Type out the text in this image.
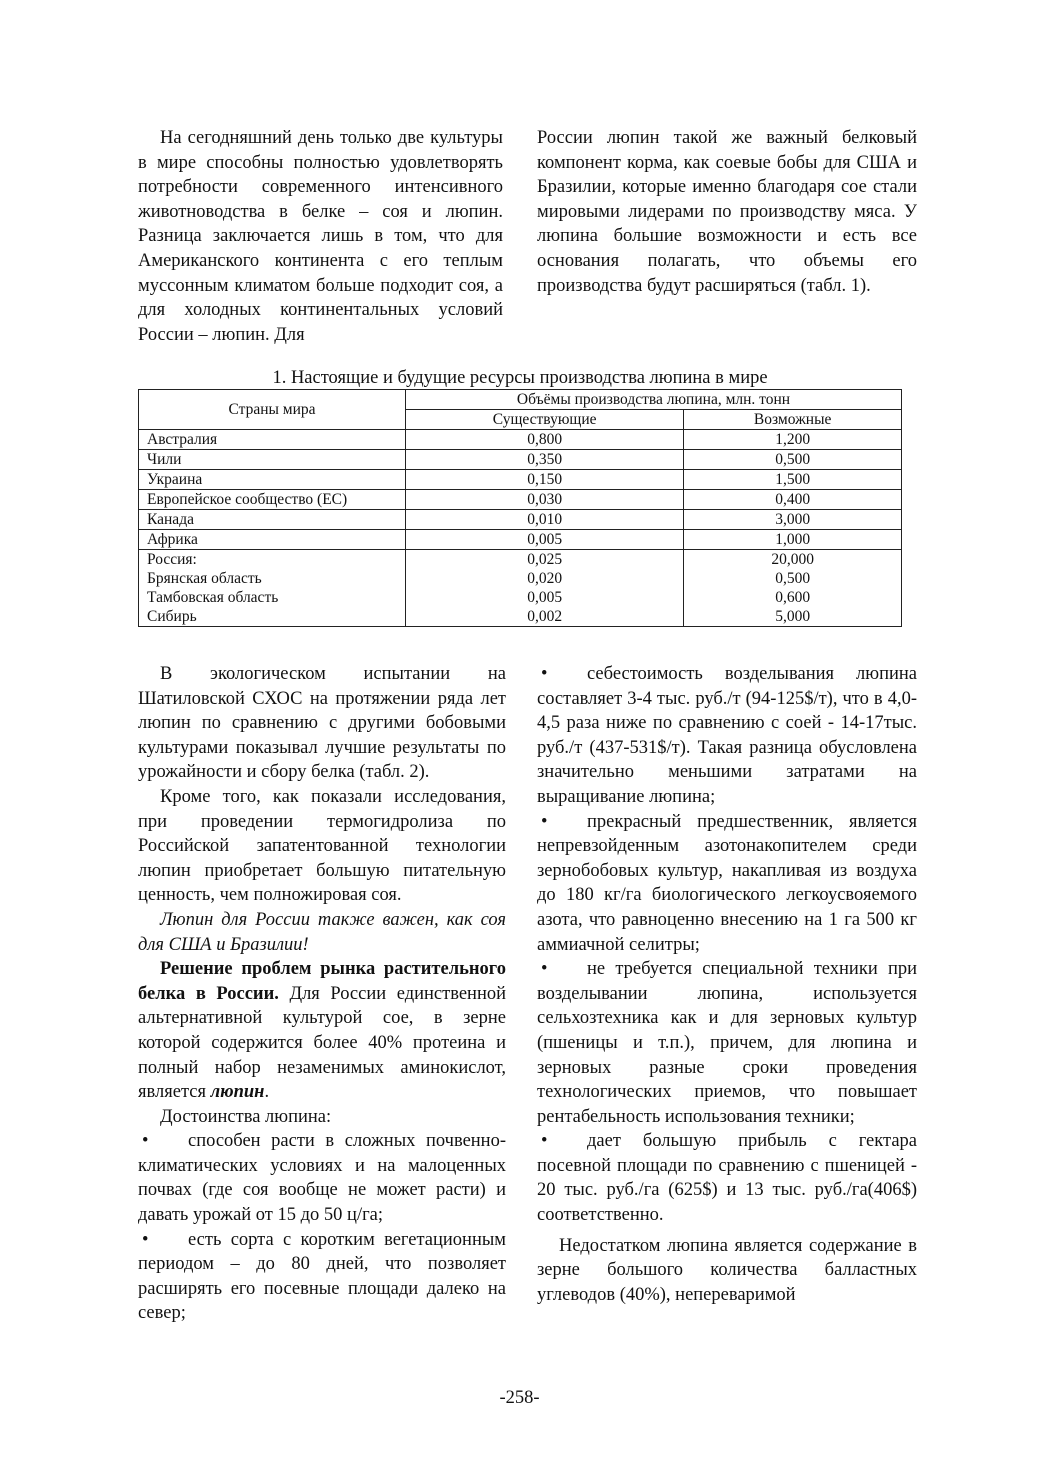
На сегодняшний день только две культуры в мире способны полностью удовлетворять потребности современного интенсивного животноводства в белке – соя и люпин. Разница заключается лишь в том, что для Американского континента с его теплым муссонным климатом больше подходит соя, а для холодных континентальных условий России – люпин. Для

России люпин такой же важный белковый компонент корма, как соевые бобы для США и Бразилии, которые именно благодаря сое стали мировыми лидерами по производству мяса. У люпина большие возможности и есть все основания полагать, что объемы его производства будут расширяться (табл. 1).

1. Настоящие и будущие ресурсы производства люпина в мире
Страны мира	Объёмы производства люпина, млн. тонн	
	Существующие	Возможные
Австралия	0,800	1,200
Чили	0,350	0,500
Украина	0,150	1,500
Европейское сообщество (ЕС)	0,030	0,400
Канада	0,010	3,000
Африка	0,005	1,000
Россия:	0,025	20,000
Брянская область	0,020	0,500
Тамбовская область	0,005	0,600
Сибирь	0,002	5,000

В экологическом испытании на Шатиловской СХОС на протяжении ряда лет люпин по сравнению с другими бобовыми культурами показывал лучшие результаты по урожайности и сбору белка (табл. 2).

Кроме того, как показали исследования, при проведении термогидролиза по Российской запатентованной технологии люпин приобретает большую питательную ценность, чем полножировая соя.

Люпин для России также важен, как соя для США и Бразилии!

Решение проблем рынка растительного белка в России. Для России единственной альтернативной культурой сое, в зерне которой содержится более 40% протеина и полный набор незаменимых аминокислот, является люпин.

Достоинства люпина:

• способен расти в сложных почвенно-климатических условиях и на малоценных почвах (где соя вообще не может расти) и давать урожай от 15 до 50 ц/га;

• есть сорта с коротким вегетационным периодом – до 80 дней, что позволяет расширять его посевные площади далеко на север;

• себестоимость возделывания люпина составляет 3-4 тыс. руб./т (94-125$/т), что в 4,0-4,5 раза ниже по сравнению с соей - 14-17тыс. руб./т (437-531$/т). Такая разница обусловлена значительно меньшими затратами на выращивание люпина;

• прекрасный предшественник, является непревзойденным азотонакопителем среди зернобобовых культур, накапливая из воздуха до 180 кг/га биологического легкоусвояемого азота, что равноценно внесению на 1 га 500 кг аммиачной селитры;

• не требуется специальной техники при возделывании люпина, используется сельхозтехника как и для зерновых культур (пшеницы и т.п.), причем, для люпина и зерновых разные сроки проведения технологических приемов, что повышает рентабельность использования техники;

• дает большую прибыль с гектара посевной площади по сравнению с пшеницей - 20 тыс. руб./га (625$) и 13 тыс. руб./га(406$) соответственно.

Недостатком люпина является содержание в зерне большого количества балластных углеводов (40%), непереваримой

-258-
